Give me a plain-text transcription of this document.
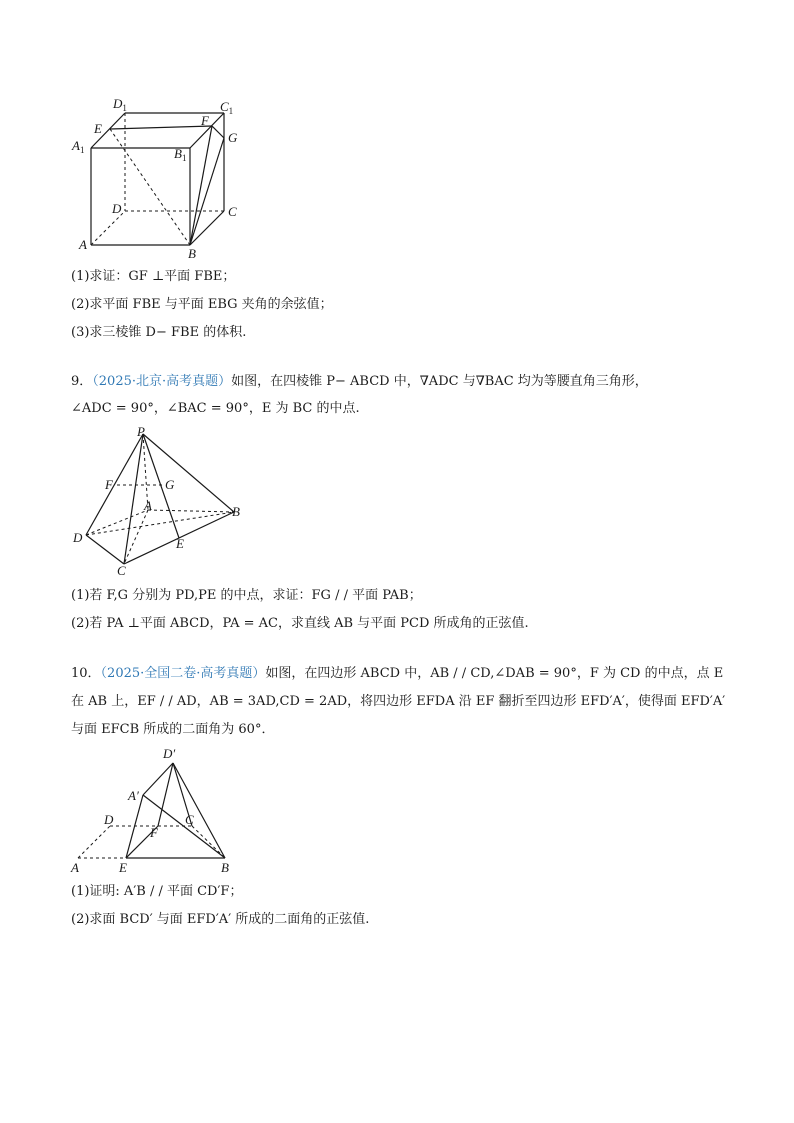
$D_1$	$C_1$
E
F
G
$A_1$	$B_1$
D	C
A
B
(1)求证：GF ⊥平面 FBE；
(2)求平面 FBE 与平面 EBG 夹角的余弦值；
(3)求三棱锥 D− FBE 的体积.
9．（2025·北京·高考真题）如图，在四棱锥 P− ABCD 中，∇ADC 与∇BAC 均为等腰直角三角形，
∠ADC = 90°，∠BAC = 90°，E 为 BC 的中点.
P
F	G
A	B
D	E
C
(1)若 F,G 分别为 PD,PE 的中点，求证：FG / / 平面 PAB；
(2)若 PA ⊥平面 ABCD，PA = AC，求直线 AB 与平面 PCD 所成角的正弦值.
10．（2025·全国二卷·高考真题）如图，在四边形 ABCD 中，AB / / CD,∠DAB = 90°，F 为 CD 的中点，点 E
在 AB 上，EF / / AD，AB = 3AD,CD = 2AD，将四边形 EFDA 沿 EF 翻折至四边形 EFD′A′，使得面 EFD′A′
与面 EFCB 所成的二面角为 60°．
D′
A′
D	C
F
A	E	B
(1)证明: A′B / / 平面 CD′F；
(2)求面 BCD′ 与面 EFD′A′ 所成的二面角的正弦值.
